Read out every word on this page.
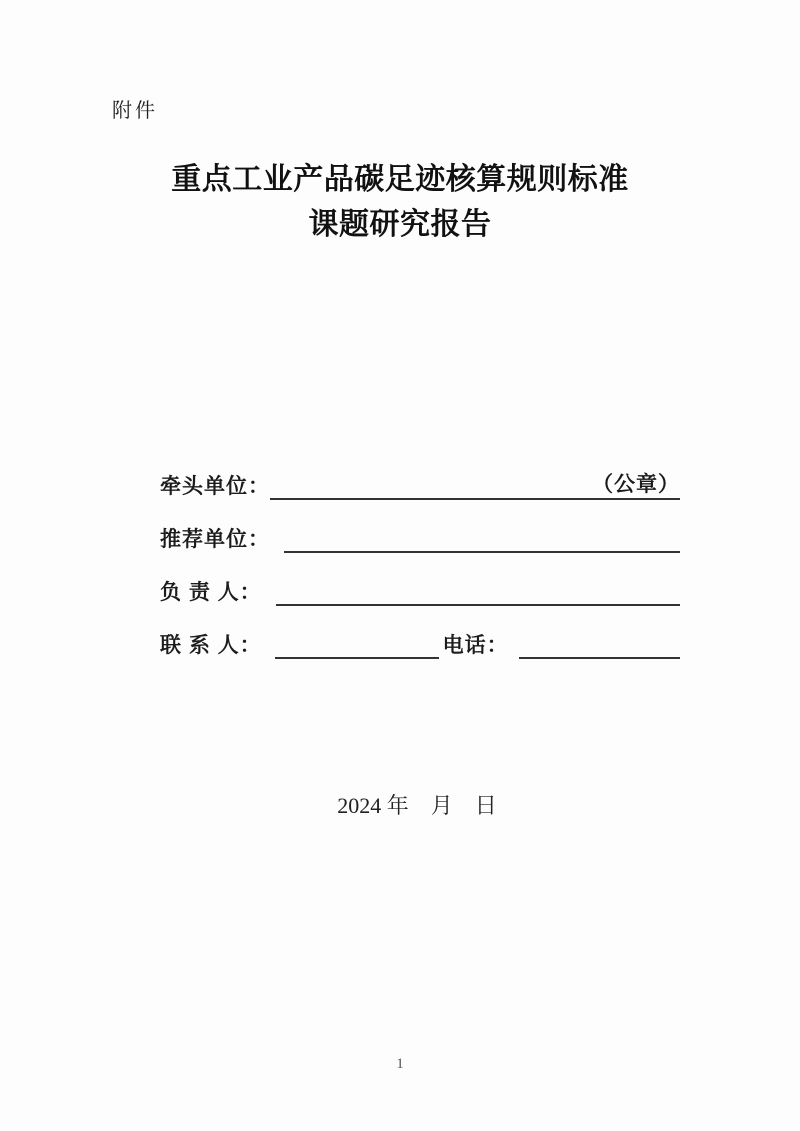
附件
重点工业产品碳足迹核算规则标准
课题研究报告
牵头单位：	（公章）
推荐单位：
负 责 人：
联 系 人：	电话：
2024 年　月　日
1
